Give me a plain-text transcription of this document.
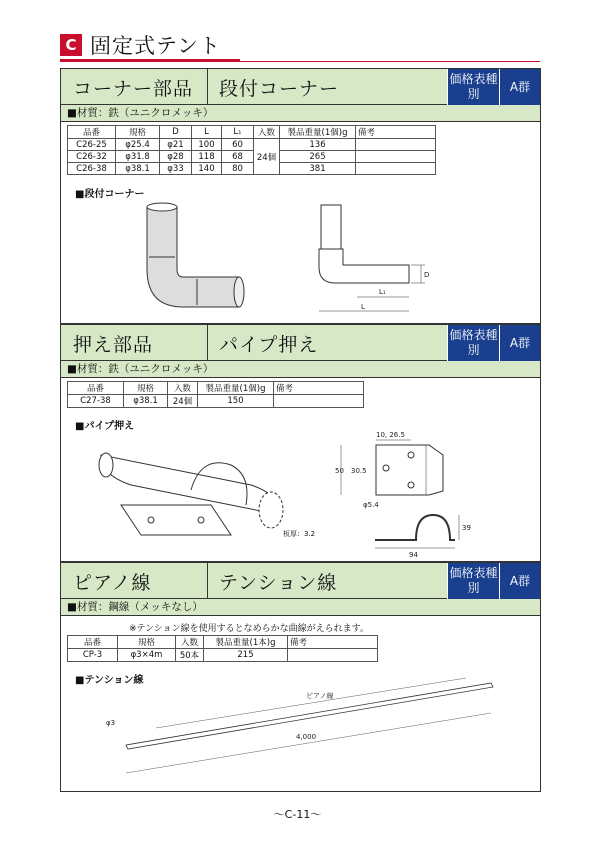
C 固定式テント
コーナー部品 段付コーナー	価格表種別	A群
■材質：鉄（ユニクロメッキ）
品番	規格	D	L	L₁	入数	製品重量(1個)g	備考
C26-25	φ25.4	φ21	100	60	24個	136	
C26-32	φ31.8	φ28	118	68		265	
C26-38	φ38.1	φ33	140	80		381	
■段付コーナー
D
L₁
L
押え部品	パイプ押え	価格表種別	A群
■材質：鉄（ユニクロメッキ）
品番	規格	入数	製品重量(1個)g	備考
C27-38	φ38.1	24個	150	
■パイプ押え
10, 26.5
50 30.5
φ5.4
39
94
板厚：3.2
ピアノ線	テンション線	価格表種別	A群
■材質：鋼線（メッキなし）
※テンション線を使用するとなめらかな曲線がえられます。
品番	規格	入数	製品重量(1本)g	備考
CP-3	φ3×4m	50本	215	
■テンション線
ピアノ線
φ3
4,000
～C-11～
